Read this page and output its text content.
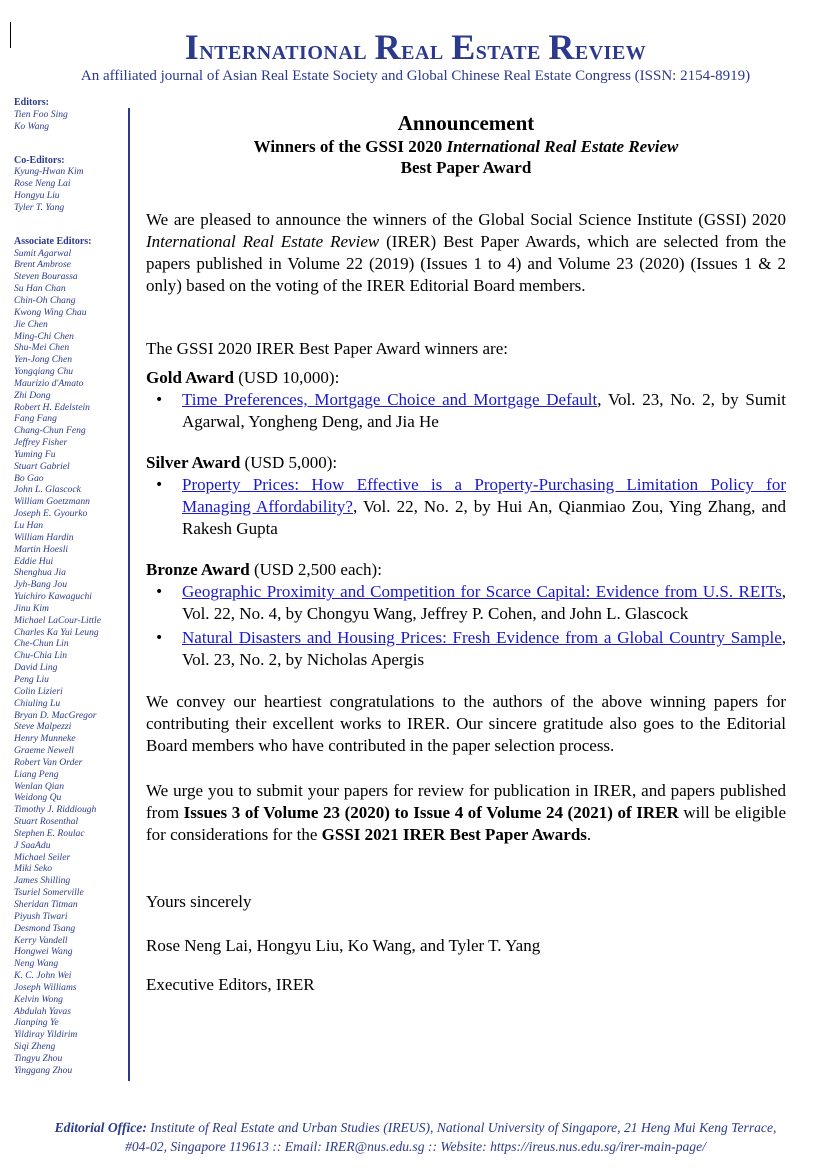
International Real Estate Review
An affiliated journal of Asian Real Estate Society and Global Chinese Real Estate Congress (ISSN: 2154-8919)
Editors:
Tien Foo Sing
Ko Wang
Co-Editors:
Kyung-Hwan Kim
Rose Neng Lai
Hongyu Liu
Tyler T. Yang
Associate Editors:
Sumit Agarwal
Brent Ambrose
Steven Bourassa
Su Han Chan
Chin-Oh Chang
Kwong Wing Chau
Jie Chen
Ming-Chi Chen
Shu-Mei Chen
Yen-Jong Chen
Yongqiang Chu
Maurizio d'Amato
Zhi Dong
Robert H. Edelstein
Fang Fang
Chang-Chun Feng
Jeffrey Fisher
Yuming Fu
Stuart Gabriel
Bo Gao
John L. Glascock
William Goetzmann
Joseph E. Gyourko
Lu Han
William Hardin
Martin Hoesli
Eddie Hui
Shenghua Jia
Jyh-Bang Jou
Yuichiro Kawaguchi
Jinu Kim
Michael LaCour-Little
Charles Ka Yui Leung
Che-Chun Lin
Chu-Chia Lin
David Ling
Peng Liu
Colin Lizieri
Chiuling Lu
Bryan D. MacGregor
Steve Malpezzi
Henry Munneke
Graeme Newell
Robert Van Order
Liang Peng
Wenlan Qian
Weidong Qu
Timothy J. Riddiough
Stuart Rosenthal
Stephen E. Roulac
J SaaAdu
Michael Seiler
Miki Seko
James Shilling
Tsuriel Somerville
Sheridan Titman
Piyush Tiwari
Desmond Tsang
Kerry Vandell
Hongwei Wang
Neng Wang
K. C. John Wei
Joseph Williams
Kelvin Wong
Abdulah Yavas
Jianping Ye
Yildiray Yildirim
Siqi Zheng
Tingyu Zhou
Yinggang Zhou
Announcement
Winners of the GSSI 2020 International Real Estate Review
Best Paper Award

We are pleased to announce the winners of the Global Social Science Institute (GSSI) 2020 International Real Estate Review (IRER) Best Paper Awards, which are selected from the papers published in Volume 22 (2019) (Issues 1 to 4) and Volume 23 (2020) (Issues 1 & 2 only) based on the voting of the IRER Editorial Board members.

The GSSI 2020 IRER Best Paper Award winners are:

Gold Award (USD 10,000):
• Time Preferences, Mortgage Choice and Mortgage Default, Vol. 23, No. 2, by Sumit Agarwal, Yongheng Deng, and Jia He
Silver Award (USD 5,000):
• Property Prices: How Effective is a Property-Purchasing Limitation Policy for Managing Affordability?, Vol. 22, No. 2, by Hui An, Qianmiao Zou, Ying Zhang, and Rakesh Gupta
Bronze Award (USD 2,500 each):
• Geographic Proximity and Competition for Scarce Capital: Evidence from U.S. REITs, Vol. 22, No. 4, by Chongyu Wang, Jeffrey P. Cohen, and John L. Glascock
• Natural Disasters and Housing Prices: Fresh Evidence from a Global Country Sample, Vol. 23, No. 2, by Nicholas Apergis

We convey our heartiest congratulations to the authors of the above winning papers for contributing their excellent works to IRER. Our sincere gratitude also goes to the Editorial Board members who have contributed in the paper selection process.

We urge you to submit your papers for review for publication in IRER, and papers published from Issues 3 of Volume 23 (2020) to Issue 4 of Volume 24 (2021) of IRER will be eligible for considerations for the GSSI 2021 IRER Best Paper Awards.

Yours sincerely

Rose Neng Lai, Hongyu Liu, Ko Wang, and Tyler T. Yang

Executive Editors, IRER

Editorial Office: Institute of Real Estate and Urban Studies (IREUS), National University of Singapore, 21 Heng Mui Keng Terrace,
#04-02, Singapore 119613 :: Email: IRER@nus.edu.sg :: Website: https://ireus.nus.edu.sg/irer-main-page/
